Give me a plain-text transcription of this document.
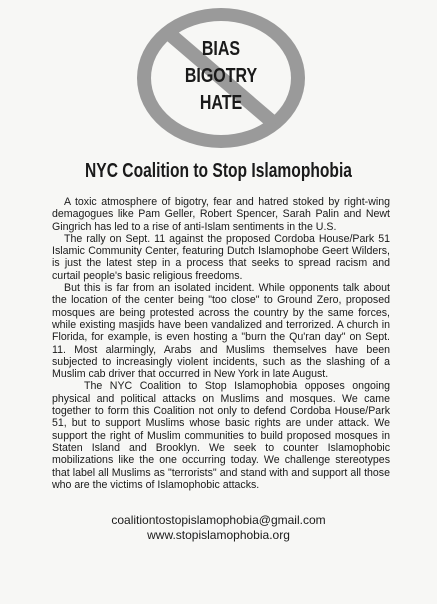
BIAS
BIGOTRY
HATE
NYC Coalition to Stop Islamophobia

A toxic atmosphere of bigotry, fear and hatred stoked by right-wing demagogues like Pam Geller, Robert Spencer, Sarah Palin and Newt Gingrich has led to a rise of anti-Islam sentiments in the U.S.

The rally on Sept. 11 against the proposed Cordoba House/Park 51 Islamic Community Center, featuring Dutch Islamophobe Geert Wilders, is just the latest step in a process that seeks to spread racism and curtail people's basic religious freedoms.

But this is far from an isolated incident. While opponents talk about the location of the center being "too close" to Ground Zero, proposed mosques are being protested across the country by the same forces, while existing masjids have been vandalized and terrorized. A church in Florida, for example, is even hosting a "burn the Qu'ran day" on Sept. 11. Most alarmingly, Arabs and Muslims themselves have been subjected to increasingly violent incidents, such as the slashing of a Muslim cab driver that occurred in New York in late August.

The NYC Coalition to Stop Islamophobia opposes ongoing physical and political attacks on Muslims and mosques. We came together to form this Coalition not only to defend Cordoba House/Park 51, but to support Muslims whose basic rights are under attack. We support the right of Muslim communities to build proposed mosques in Staten Island and Brooklyn. We seek to counter Islamophobic mobilizations like the one occurring today. We challenge stereotypes that label all Muslims as "terrorists" and stand with and support all those who are the victims of Islamophobic attacks.

coalitiontostopislamophobia@gmail.com
www.stopislamophobia.org
